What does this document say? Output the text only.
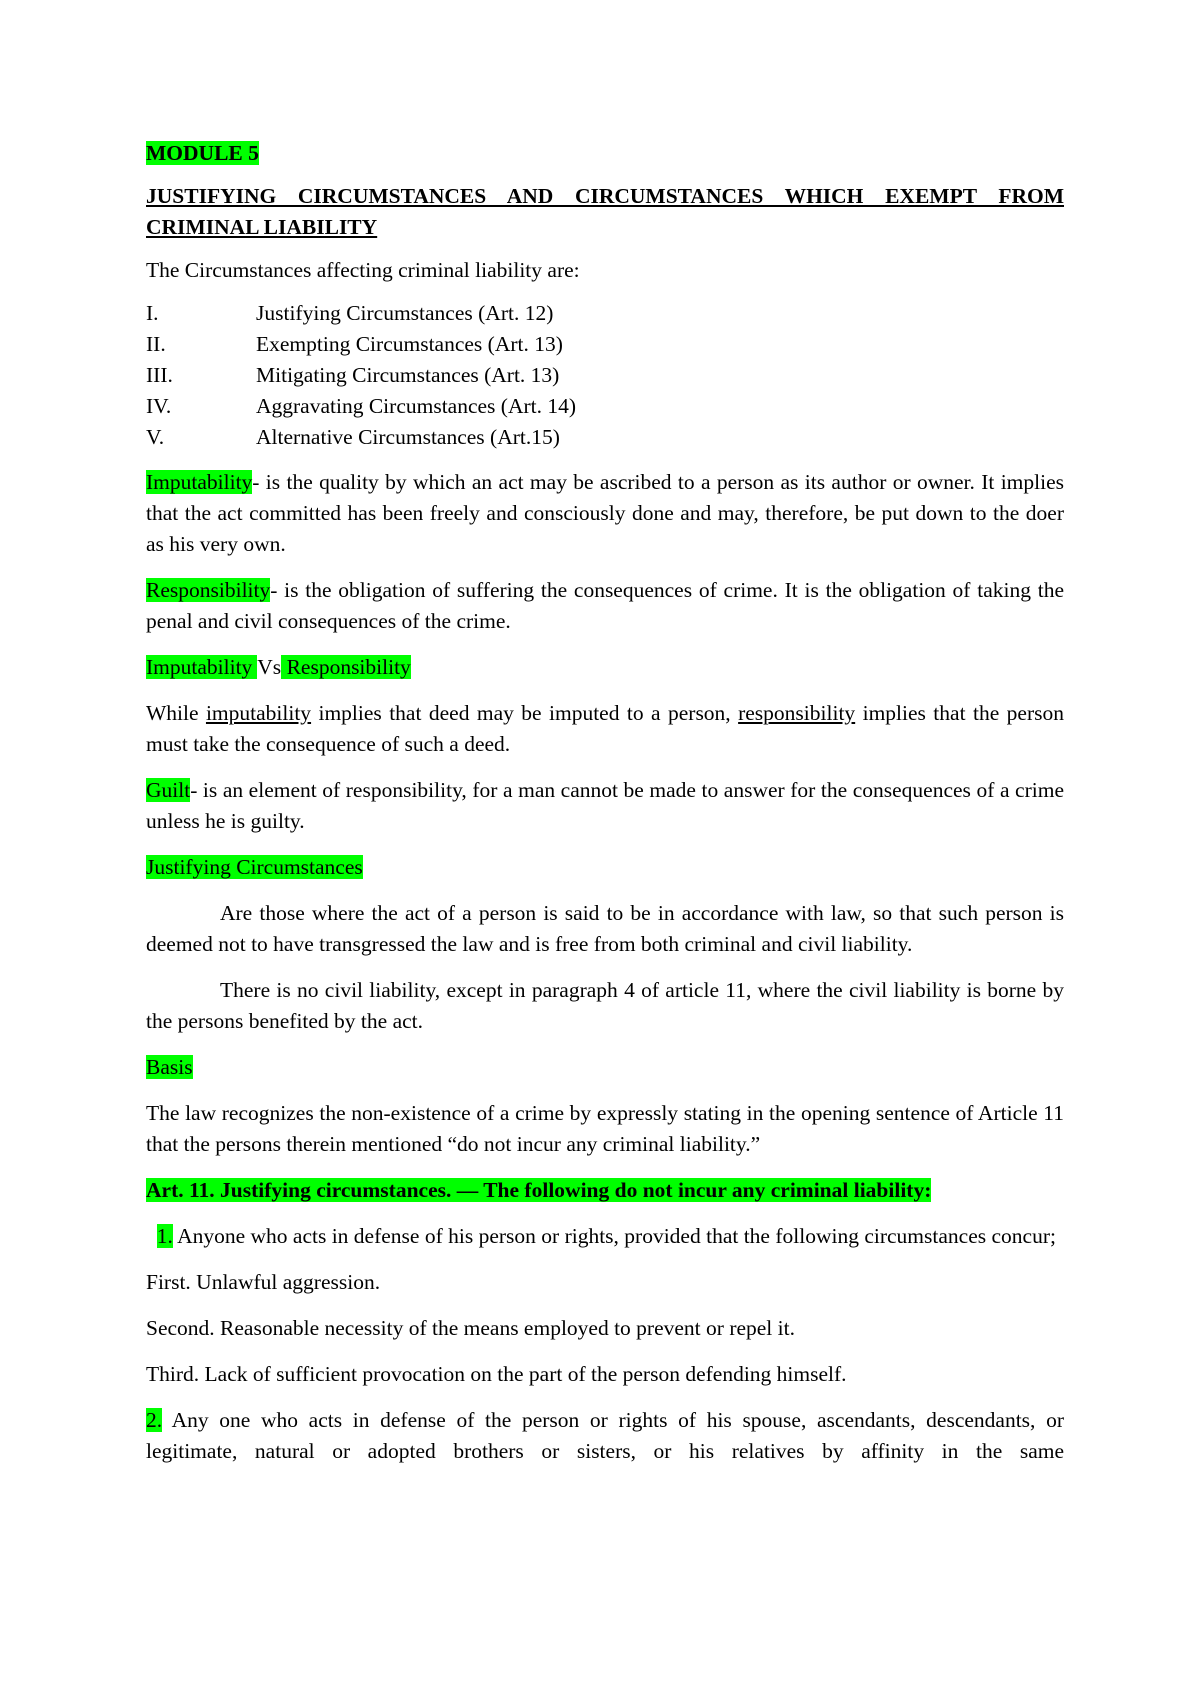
MODULE 5

JUSTIFYING CIRCUMSTANCES AND CIRCUMSTANCES WHICH EXEMPT FROM CRIMINAL LIABILITY

The Circumstances affecting criminal liability are:

I.	Justifying Circumstances (Art. 12)
II.	Exempting Circumstances (Art. 13)
III.	Mitigating Circumstances (Art. 13)
IV.	Aggravating Circumstances (Art. 14)
V.	Alternative Circumstances (Art.15)

Imputability- is the quality by which an act may be ascribed to a person as its author or owner. It implies that the act committed has been freely and consciously done and may, therefore, be put down to the doer as his very own.

Responsibility- is the obligation of suffering the consequences of crime. It is the obligation of taking the penal and civil consequences of the crime.

Imputability Vs Responsibility

While imputability implies that deed may be imputed to a person, responsibility implies that the person must take the consequence of such a deed.

Guilt- is an element of responsibility, for a man cannot be made to answer for the consequences of a crime unless he is guilty.

Justifying Circumstances

Are those where the act of a person is said to be in accordance with law, so that such person is deemed not to have transgressed the law and is free from both criminal and civil liability.

There is no civil liability, except in paragraph 4 of article 11, where the civil liability is borne by the persons benefited by the act.

Basis

The law recognizes the non-existence of a crime by expressly stating in the opening sentence of Article 11 that the persons therein mentioned “do not incur any criminal liability.”

Art. 11. Justifying circumstances. — The following do not incur any criminal liability:

1. Anyone who acts in defense of his person or rights, provided that the following circumstances concur;

First. Unlawful aggression.

Second. Reasonable necessity of the means employed to prevent or repel it.

Third. Lack of sufficient provocation on the part of the person defending himself.

2. Any one who acts in defense of the person or rights of his spouse, ascendants, descendants, or legitimate, natural or adopted brothers or sisters, or his relatives by affinity in the same
